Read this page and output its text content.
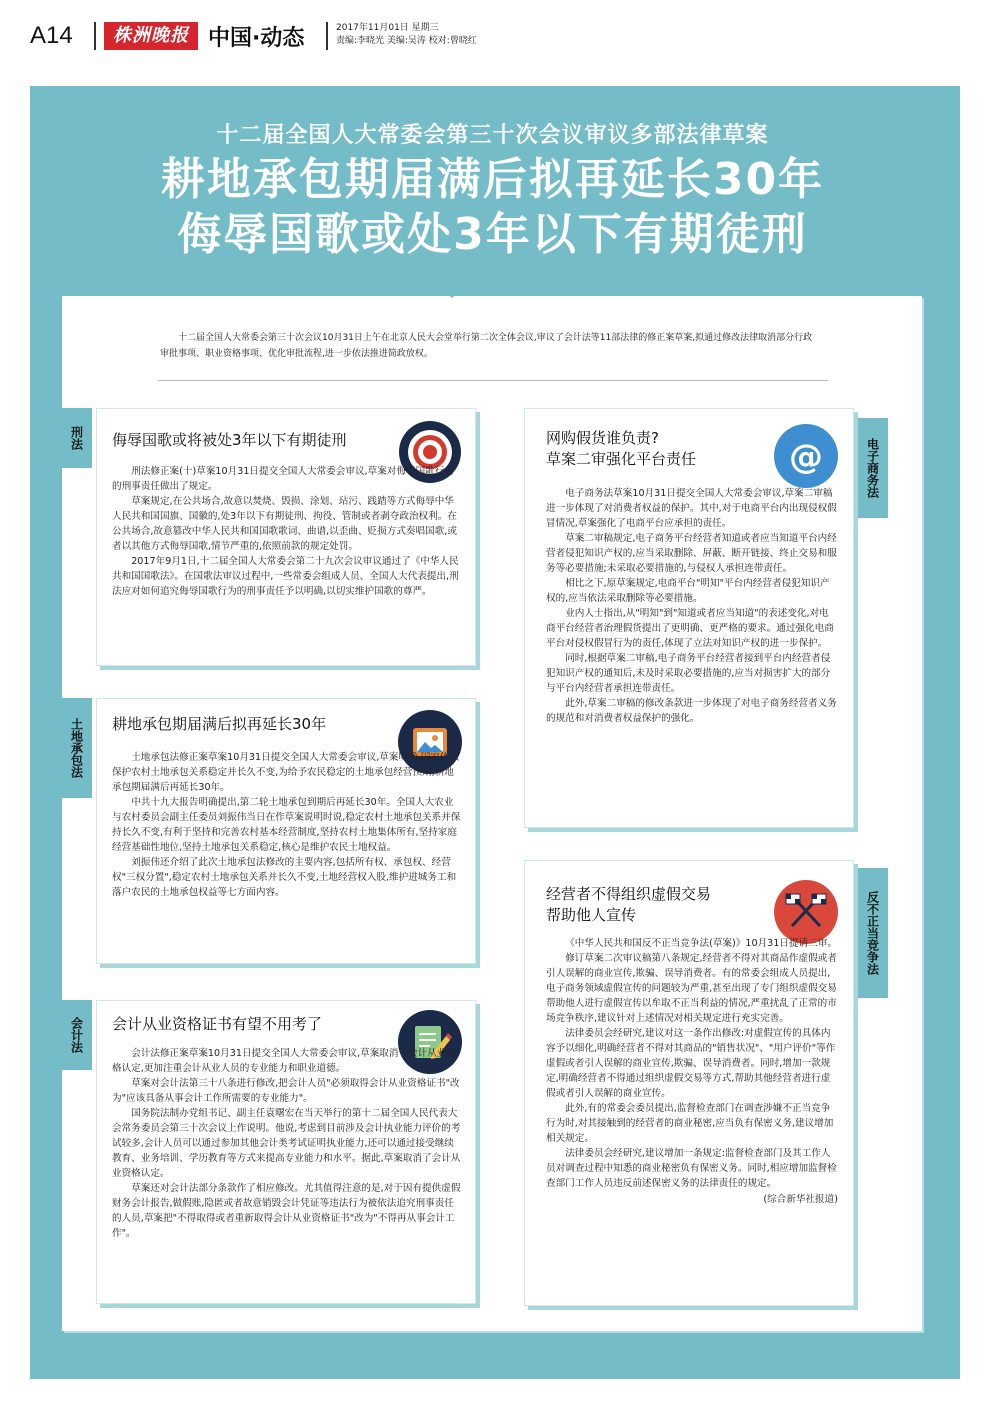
A14	株洲晚报 中国·动态	2017年11月01日 星期三
责编:李晓光 美编:吴涛 校对:曾晓红
十二届全国人大常委会第三十次会议审议多部法律草案
耕地承包期届满后拟再延长30年
侮辱国歌或处3年以下有期徒刑
十二届全国人大常委会第三十次会议10月31日上午在北京人民大会堂举行第二次全体会议,审议了会计法等11部法律的修正案草案,拟通过修改法律取消部分行政审批事项、职业资格事项、优化审批流程,进一步依法推进简政放权。
刑法
土地承包法
会计法
电子商务法
反不正当竞争法
侮辱国歌或将被处3年以下有期徒刑

刑法修正案(十)草案10月31日提交全国人大常委会审议,草案对侮辱国歌行为的刑事责任做出了规定。

草案规定,在公共场合,故意以焚烧、毁损、涂划、玷污、践踏等方式侮辱中华人民共和国国旗、国徽的,处3年以下有期徒刑、拘役、管制或者剥夺政治权利。在公共场合,故意篡改中华人民共和国国歌歌词、曲谱,以歪曲、贬损方式奏唱国歌,或者以其他方式侮辱国歌,情节严重的,依照前款的规定处罚。

2017年9月1日,十二届全国人大常委会第二十九次会议审议通过了《中华人民共和国国歌法》。在国歌法审议过程中,一些常委会组成人员、全国人大代表提出,刑法应对如何追究侮辱国歌行为的刑事责任予以明确,以切实维护国歌的尊严。

耕地承包期届满后拟再延长30年

土地承包法修正案草案10月31日提交全国人大常委会审议,草案明确,国家依法保护农村土地承包关系稳定并长久不变,为给予农民稳定的土地承包经营预期,耕地承包期届满后再延长30年。

中共十九大报告明确提出,第二轮土地承包到期后再延长30年。全国人大农业与农村委员会副主任委员刘振伟当日在作草案说明时说,稳定农村土地承包关系并保持长久不变,有利于坚持和完善农村基本经营制度,坚持农村土地集体所有,坚持家庭经营基础性地位,坚持土地承包关系稳定,核心是维护农民土地权益。

刘振伟还介绍了此次土地承包法修改的主要内容,包括所有权、承包权、经营权"三权分置",稳定农村土地承包关系并长久不变,土地经营权入股,维护进城务工和落户农民的土地承包权益等七方面内容。

会计从业资格证书有望不用考了

会计法修正案草案10月31日提交全国人大常委会审议,草案取消了会计从业资格认定,更加注重会计从业人员的专业能力和职业道德。

草案对会计法第三十八条进行修改,把会计人员"必须取得会计从业资格证书"改为"应该具备从事会计工作所需要的专业能力"。

国务院法制办党组书记、副主任袁曙宏在当天举行的第十二届全国人民代表大会常务委员会第三十次会议上作说明。他说,考虑到目前涉及会计执业能力评价的考试较多,会计人员可以通过参加其他会计类考试证明执业能力,还可以通过接受继续教育、业务培训、学历教育等方式来提高专业能力和水平。据此,草案取消了会计从业资格认定。

草案还对会计法部分条款作了相应修改。尤其值得注意的是,对于因有提供虚假财务会计报告,做假账,隐匿或者故意销毁会计凭证等违法行为被依法追究刑事责任的人员,草案把"不得取得或者重新取得会计从业资格证书"改为"不得再从事会计工作"。

网购假货谁负责?
草案二审强化平台责任	@

电子商务法草案10月31日提交全国人大常委会审议,草案二审稿进一步体现了对消费者权益的保护。其中,对于电商平台内出现侵权假冒情况,草案强化了电商平台应承担的责任。

草案二审稿规定,电子商务平台经营者知道或者应当知道平台内经营者侵犯知识产权的,应当采取删除、屏蔽、断开链接、终止交易和服务等必要措施;未采取必要措施的,与侵权人承担连带责任。

相比之下,原草案规定,电商平台"明知"平台内经营者侵犯知识产权的,应当依法采取删除等必要措施。

业内人士指出,从"明知"到"知道或者应当知道"的表述变化,对电商平台经营者治理假货提出了更明确、更严格的要求。通过强化电商平台对侵权假冒行为的责任,体现了立法对知识产权的进一步保护。

同时,根据草案二审稿,电子商务平台经营者接到平台内经营者侵犯知识产权的通知后,未及时采取必要措施的,应当对损害扩大的部分与平台内经营者承担连带责任。

此外,草案二审稿的修改条款进一步体现了对电子商务经营者义务的规范和对消费者权益保护的强化。

经营者不得组织虚假交易
帮助他人宣传

《中华人民共和国反不正当竞争法(草案)》10月31日提请三审。

修订草案二次审议稿第八条规定,经营者不得对其商品作虚假或者引人误解的商业宣传,欺骗、误导消费者。有的常委会组成人员提出,电子商务领域虚假宣传的问题较为严重,甚至出现了专门组织虚假交易帮助他人进行虚假宣传以牟取不正当利益的情况,严重扰乱了正常的市场竞争秩序,建议针对上述情况对相关规定进行充实完善。

法律委员会经研究,建议对这一条作出修改:对虚假宣传的具体内容予以细化,明确经营者不得对其商品的"销售状况"、"用户评价"等作虚假或者引人误解的商业宣传,欺骗、误导消费者。同时,增加一款规定,明确经营者不得通过组织虚假交易等方式,帮助其他经营者进行虚假或者引人误解的商业宣传。

此外,有的常委会委员提出,监督检查部门在调查涉嫌不正当竞争行为时,对其接触到的经营者的商业秘密,应当负有保密义务,建议增加相关规定。

法律委员会经研究,建议增加一条规定:监督检查部门及其工作人员对调查过程中知悉的商业秘密负有保密义务。同时,相应增加监督检查部门工作人员违反前述保密义务的法律责任的规定。

(综合新华社报道)
